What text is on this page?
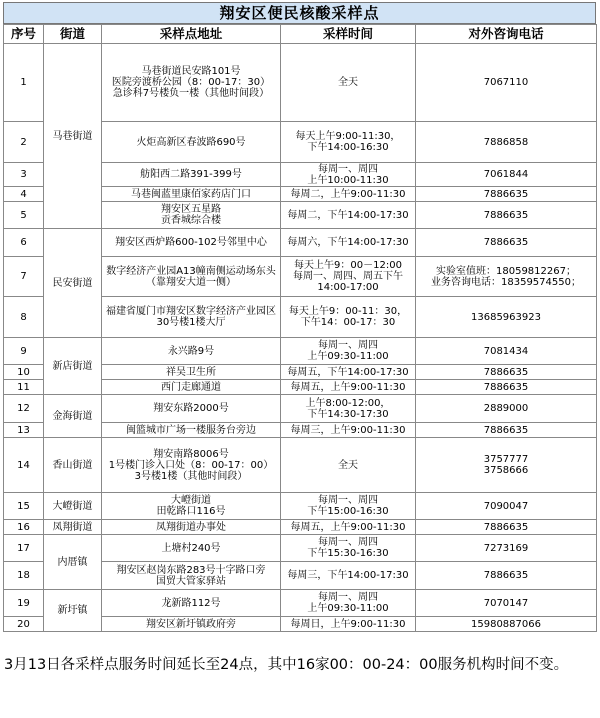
翔安区便民核酸采样点
序号	街道	采样点地址	采样时间	对外咨询电话
1	马巷街道	马巷街道民安路101号
医院旁渡桥公园（8：00-17：30）
急诊科7号楼负一楼（其他时间段）	全天	7067110
2		火炬高新区春波路690号	每天上午9:00-11:30，
下午14:00-16:30	7886858
3		舫阳西二路391-399号	每周一、周四
上午10:00-11:30	7061844
4		马巷闽蓝里康佰家药店门口	每周二，上午9:00-11:30	7886635
5		翔安区五星路
贡香城综合楼	每周二，下午14:00-17:30	7886635
6	民安街道	翔安区西炉路600-102号邻里中心	每周六，下午14:00-17:30	7886635
7		数字经济产业园A13幢南侧运动场东头（靠翔安大道一侧）	每天上午9：00－12:00
每周一、周四、周五下午
14:00-17:00	实验室值班：18059812267；
业务咨询电话：18359574550；
8		福建省厦门市翔安区数字经济产业园区30号楼1楼大厅	每天上午9：00-11：30，
下午14：00-17：30	13685963923
9	新店街道	永兴路9号	每周一、周四
上午09:30-11:00	7081434
10		祥吴卫生所	每周五，下午14:00-17:30	7886635
11		西门走廊通道	每周五，上午9:00-11:30	7886635
12	金海街道	翔安东路2000号	上午8:00-12:00，
下午14:30-17:30	2889000
13		闽篮城市广场一楼服务台旁边	每周三，上午9:00-11:30	7886635
14	香山街道	翔安南路8006号
1号楼门诊入口处（8：00-17：00）
3号楼1楼（其他时间段）	全天	3757777
3758666
15	大嶝街道	大嶝街道
田乾路口116号	每周一、周四
下午15:00-16:30	7090047
16	凤翔街道	凤翔街道办事处	每周五，上午9:00-11:30	7886635
17	内厝镇	上塘村240号	每周一、周四
下午15:30-16:30	7273169
18		翔安区赵岗东路283号十字路口旁
国贸大管家驿站	每周三，下午14:00-17:30	7886635
19	新圩镇	龙新路112号	每周一、周四
上午09:30-11:00	7070147
20		翔安区新圩镇政府旁	每周日，上午9:00-11:30	15980887066
3月13日各采样点服务时间延长至24点，其中16家00：00-24：00服务机构时间不变。
